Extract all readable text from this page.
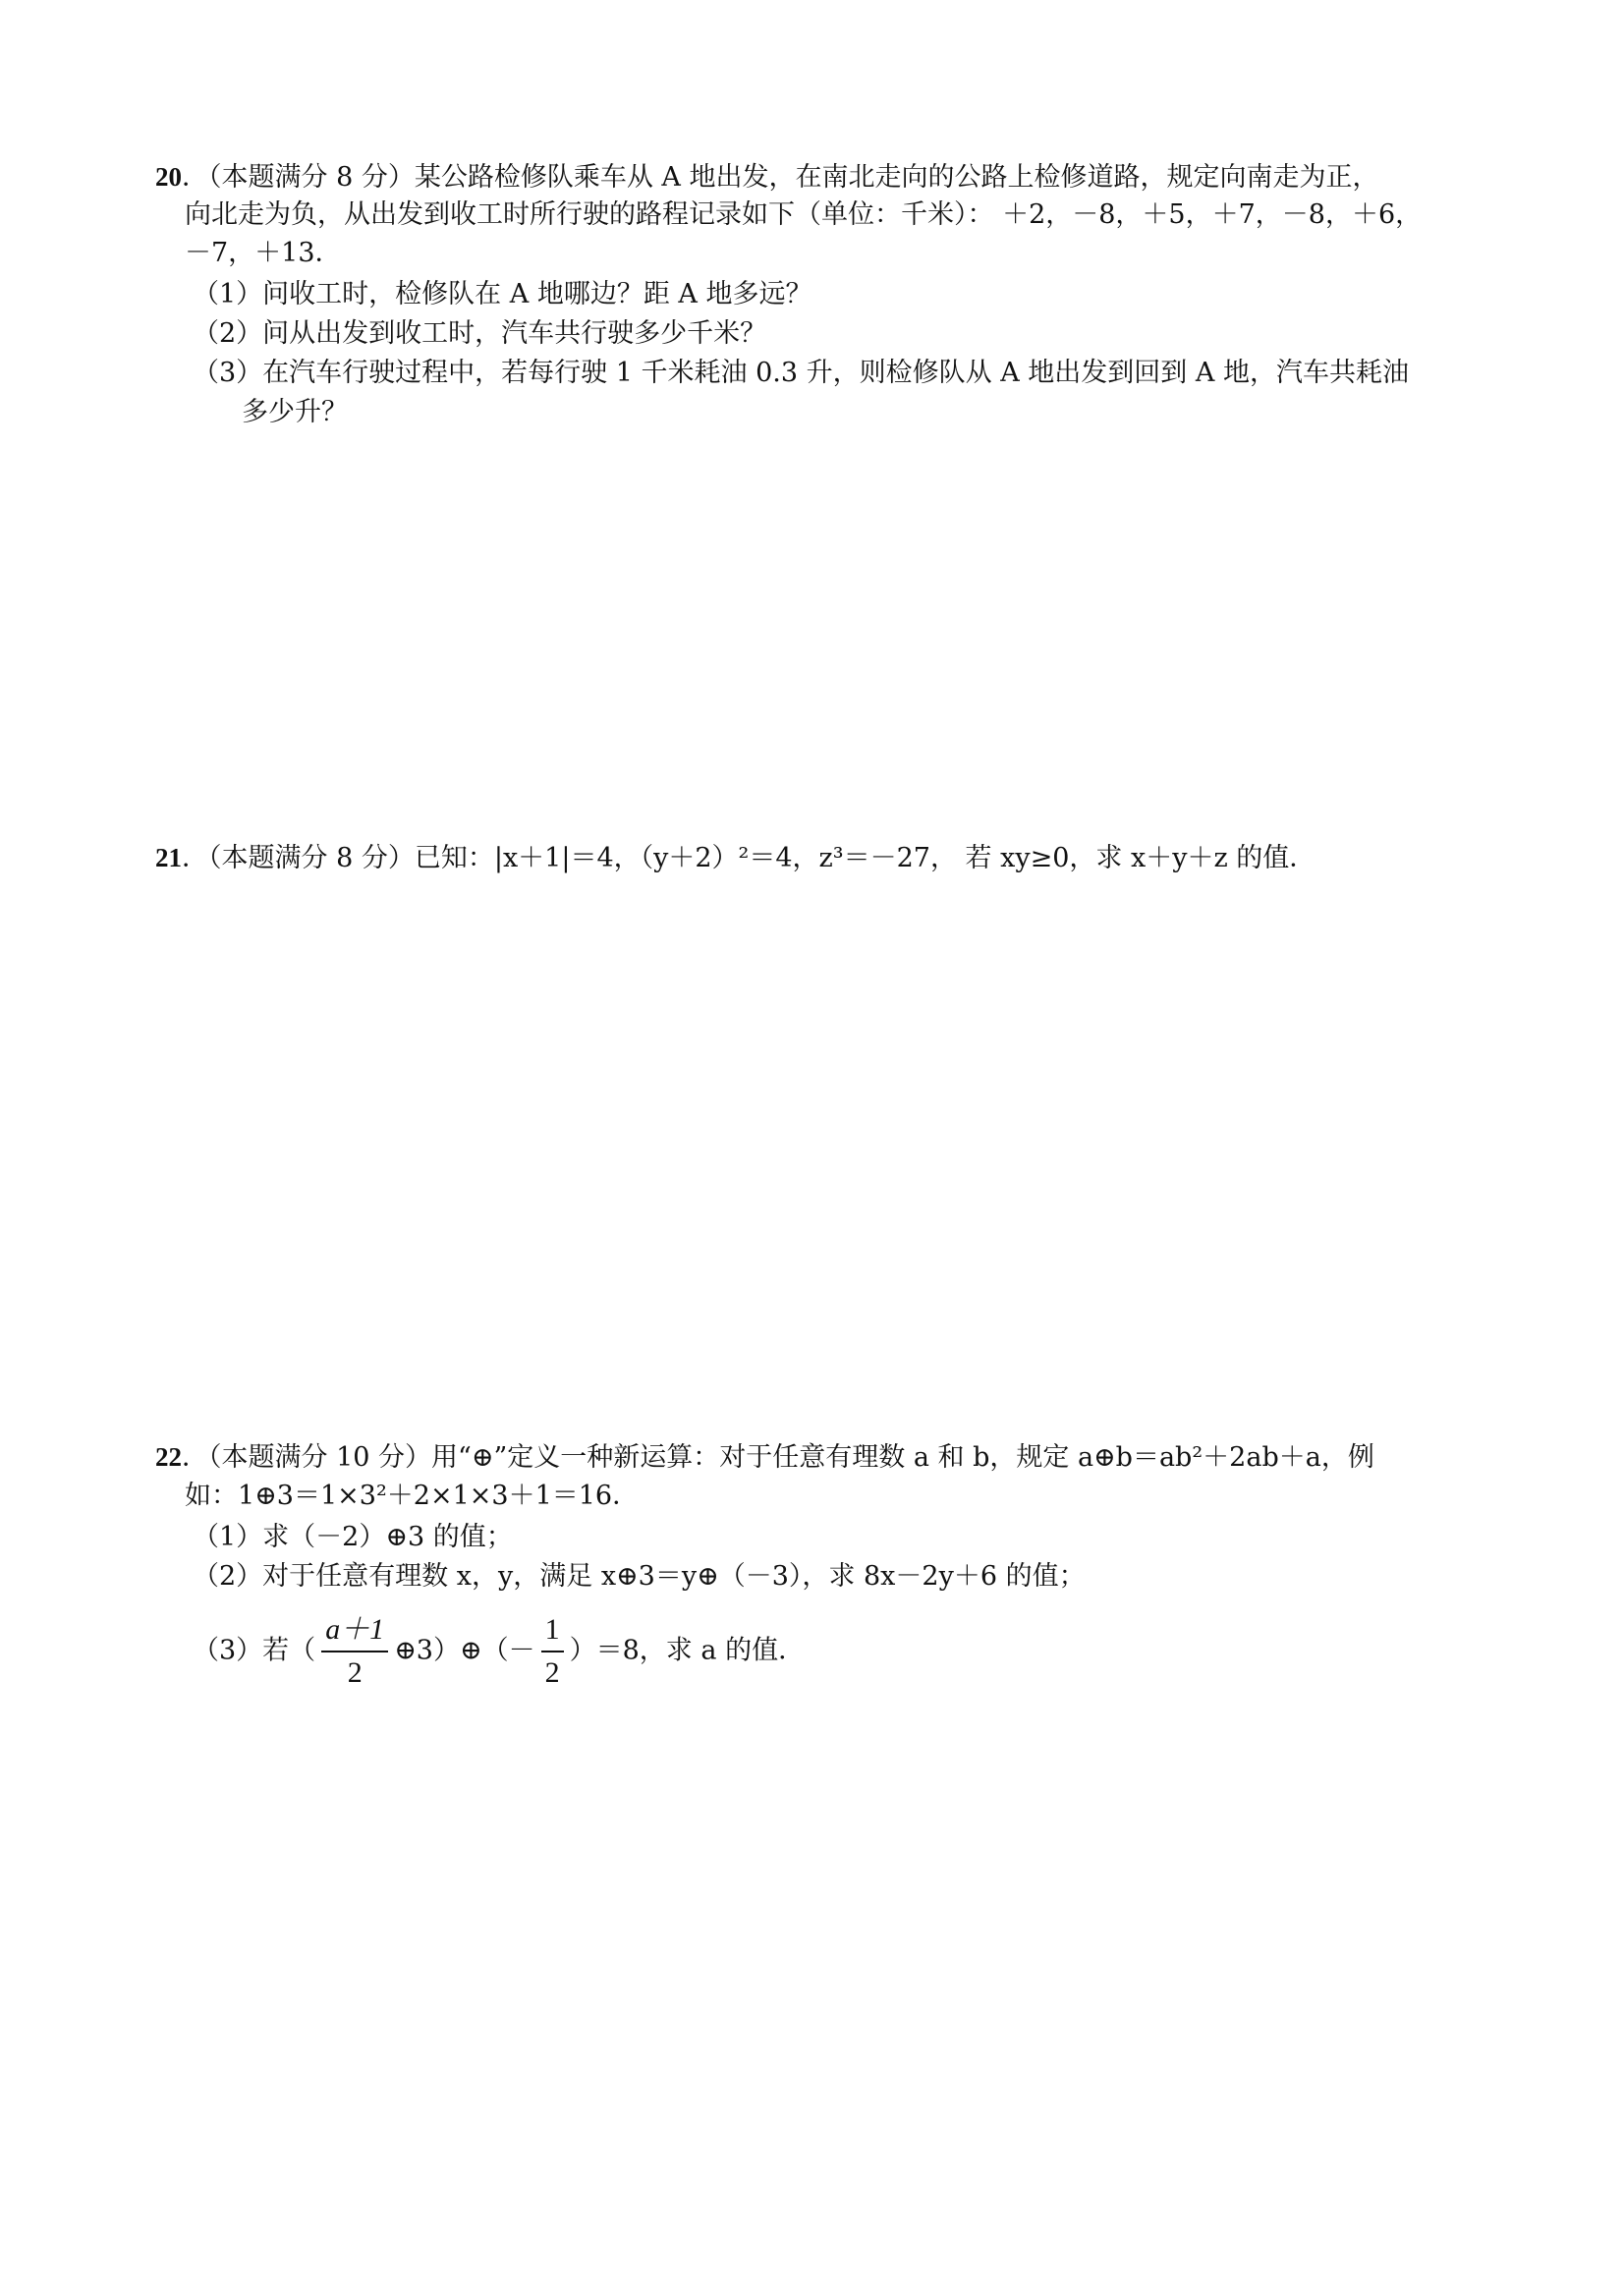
20．（本题满分 8 分）某公路检修队乘车从 A 地出发，在南北走向的公路上检修道路，规定向南走为正，
向北走为负，从出发到收工时所行驶的路程记录如下（单位：千米）： ＋2，－8，＋5，＋7，－8，＋6，
－7，＋13．
（1）问收工时，检修队在 A 地哪边？距 A 地多远？
（2）问从出发到收工时，汽车共行驶多少千米？
（3）在汽车行驶过程中，若每行驶 1 千米耗油 0.3 升，则检修队从 A 地出发到回到 A 地，汽车共耗油
多少升？
21．（本题满分 8 分）已知：|x＋1|＝4，（y＋2）²＝4，z³＝－27， 若 xy≥0，求 x＋y＋z 的值．
22．（本题满分 10 分）用“⊕”定义一种新运算：对于任意有理数 a 和 b，规定 a⊕b＝ab²＋2ab＋a，例
如：1⊕3＝1×3²＋2×1×3＋1＝16．
（1）求（－2）⊕3 的值；
（2）对于任意有理数 x，y，满足 x⊕3＝y⊕（－3），求 8x－2y＋6 的值；
（3）若（ $\frac{a+1}{2}$ ⊕3）⊕（－ $\frac{1}{2} )=8$，求 a 的值．
